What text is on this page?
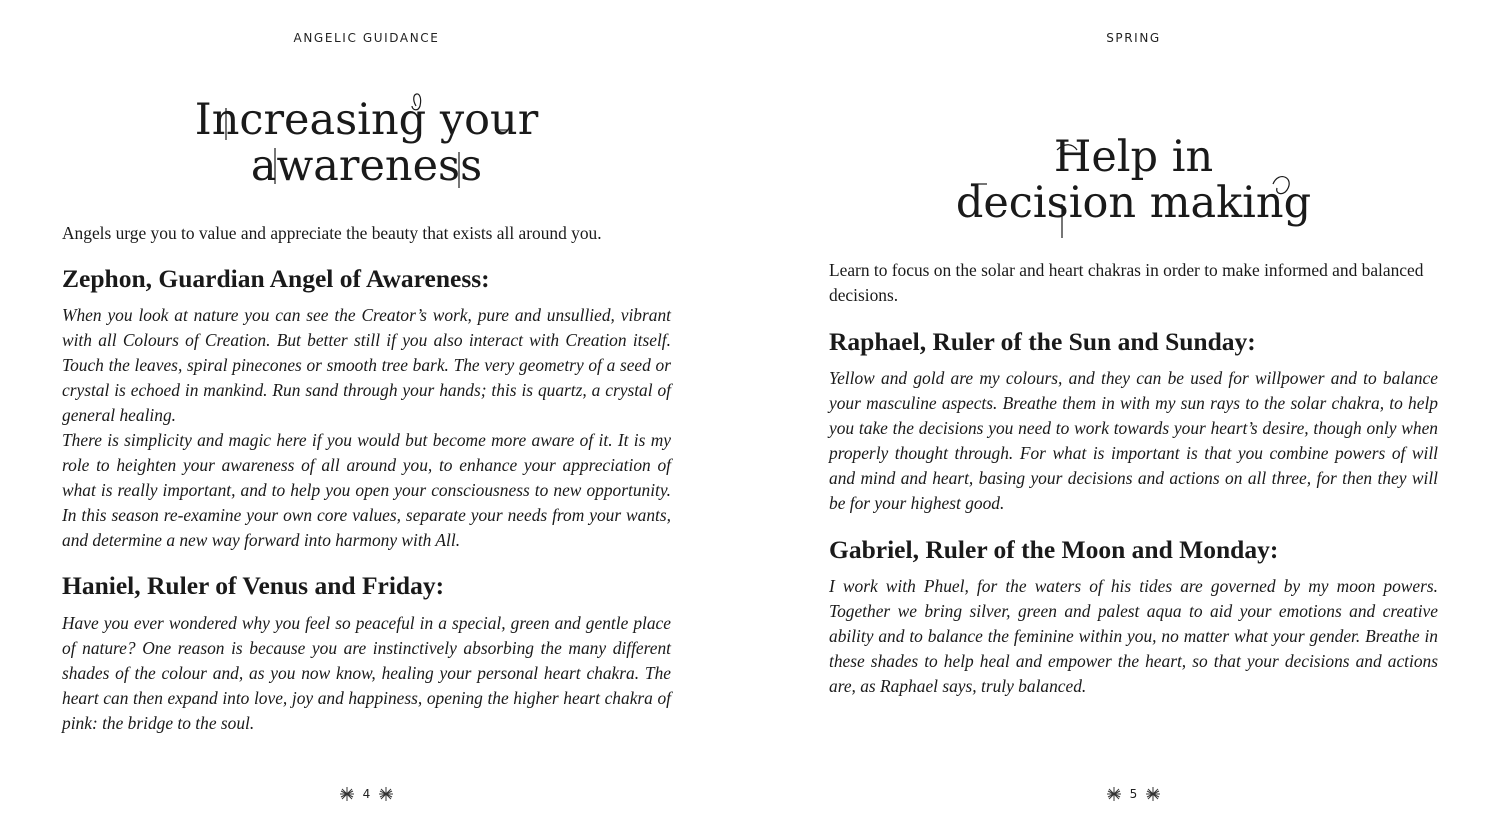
ANGELIC GUIDANCE
Increasing your
awareness

Angels urge you to value and appreciate the beauty that exists all around you.

Zephon, Guardian Angel of Awareness:

When you look at nature you can see the Creator’s work, pure and unsullied, vibrant with all Colours of Creation. But better still if you also interact with Creation itself. Touch the leaves, spiral pinecones or smooth tree bark. The very geometry of a seed or crystal is echoed in mankind. Run sand through your hands; this is quartz, a crystal of general healing.

There is simplicity and magic here if you would but become more aware of it. It is my role to heighten your awareness of all around you, to enhance your appreciation of what is really important, and to help you open your consciousness to new opportunity. In this season re-examine your own core values, separate your needs from your wants, and determine a new way forward into harmony with All.

Haniel, Ruler of Venus and Friday:

Have you ever wondered why you feel so peaceful in a special, green and gentle place of nature? One reason is because you are instinctively absorbing the many different shades of the colour and, as you now know, healing your personal heart chakra. The heart can then expand into love, joy and happiness, opening the higher heart chakra of pink: the bridge to the soul.

4
SPRING
Help in
decision making

Learn to focus on the solar and heart chakras in order to make informed and balanced decisions.

Raphael, Ruler of the Sun and Sunday:

Yellow and gold are my colours, and they can be used for willpower and to balance your masculine aspects. Breathe them in with my sun rays to the solar chakra, to help you take the decisions you need to work towards your heart’s desire, though only when properly thought through. For what is important is that you combine powers of will and mind and heart, basing your decisions and actions on all three, for then they will be for your highest good.

Gabriel, Ruler of the Moon and Monday:

I work with Phuel, for the waters of his tides are governed by my moon powers. Together we bring silver, green and palest aqua to aid your emotions and creative ability and to balance the feminine within you, no matter what your gender. Breathe in these shades to help heal and empower the heart, so that your decisions and actions are, as Raphael says, truly balanced.

5
